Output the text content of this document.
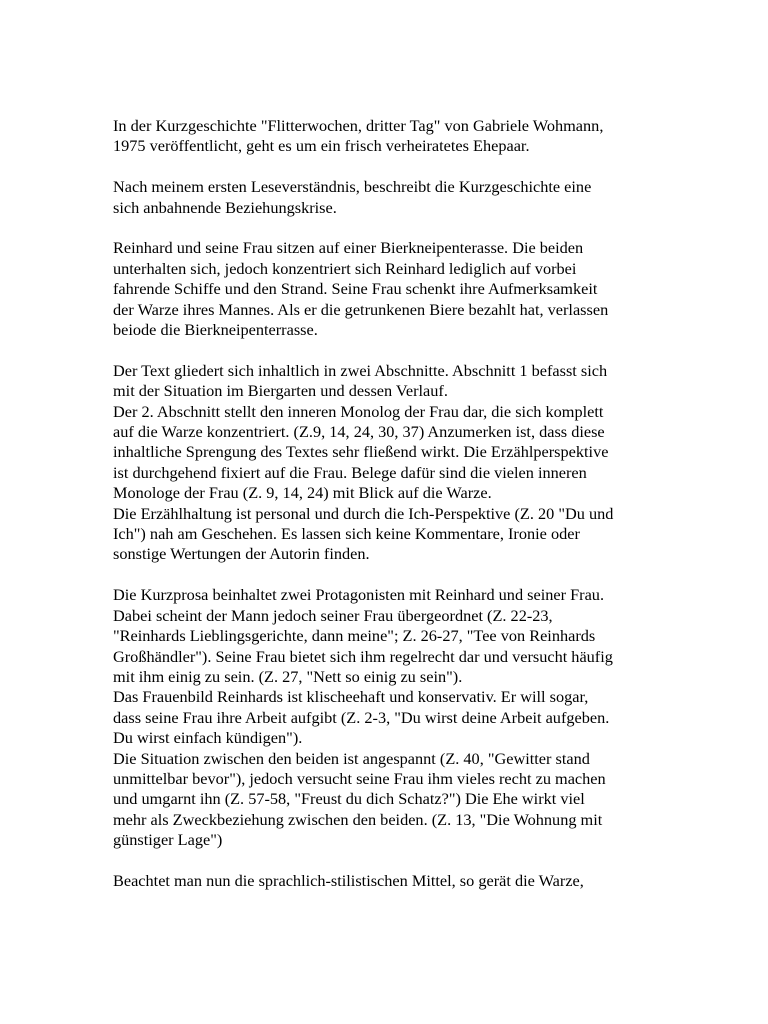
In der Kurzgeschichte "Flitterwochen, dritter Tag" von Gabriele Wohmann,
1975 veröffentlicht, geht es um ein frisch verheiratetes Ehepaar.
Nach meinem ersten Leseverständnis, beschreibt die Kurzgeschichte eine
sich anbahnende Beziehungskrise.
Reinhard und seine Frau sitzen auf einer Bierkneipenterasse. Die beiden
unterhalten sich, jedoch konzentriert sich Reinhard lediglich auf vorbei
fahrende Schiffe und den Strand. Seine Frau schenkt ihre Aufmerksamkeit
der Warze ihres Mannes. Als er die getrunkenen Biere bezahlt hat, verlassen
beiode die Bierkneipenterrasse.
Der Text gliedert sich inhaltlich in zwei Abschnitte. Abschnitt 1 befasst sich
mit der Situation im Biergarten und dessen Verlauf.
Der 2. Abschnitt stellt den inneren Monolog der Frau dar, die sich komplett
auf die Warze konzentriert. (Z.9, 14, 24, 30, 37) Anzumerken ist, dass diese
inhaltliche Sprengung des Textes sehr fließend wirkt. Die Erzählperspektive
ist durchgehend fixiert auf die Frau. Belege dafür sind die vielen inneren
Monologe der Frau (Z. 9, 14, 24) mit Blick auf die Warze.
Die Erzählhaltung ist personal und durch die Ich-Perspektive (Z. 20 "Du und
Ich") nah am Geschehen. Es lassen sich keine Kommentare, Ironie oder
sonstige Wertungen der Autorin finden.
Die Kurzprosa beinhaltet zwei Protagonisten mit Reinhard und seiner Frau.
Dabei scheint der Mann jedoch seiner Frau übergeordnet (Z. 22-23,
"Reinhards Lieblingsgerichte, dann meine"; Z. 26-27, "Tee von Reinhards
Großhändler"). Seine Frau bietet sich ihm regelrecht dar und versucht häufig
mit ihm einig zu sein. (Z. 27, "Nett so einig zu sein").
Das Frauenbild Reinhards ist klischeehaft und konservativ. Er will sogar,
dass seine Frau ihre Arbeit aufgibt (Z. 2-3, "Du wirst deine Arbeit aufgeben.
Du wirst einfach kündigen").
Die Situation zwischen den beiden ist angespannt (Z. 40, "Gewitter stand
unmittelbar bevor"), jedoch versucht seine Frau ihm vieles recht zu machen
und umgarnt ihn (Z. 57-58, "Freust du dich Schatz?") Die Ehe wirkt viel
mehr als Zweckbeziehung zwischen den beiden. (Z. 13, "Die Wohnung mit
günstiger Lage")
Beachtet man nun die sprachlich-stilistischen Mittel, so gerät die Warze,
